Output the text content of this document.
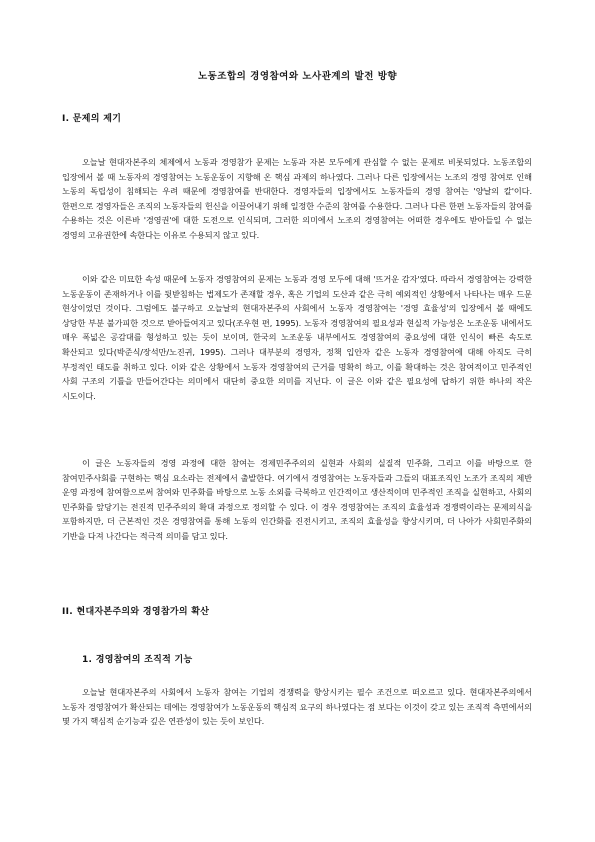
노동조합의 경영참여와 노사관계의 발전 방향
I. 문제의 제기

오늘날 현대자본주의 체제에서 노동과 경영참가 문제는 노동과 자본 모두에게 관심할 수 없는 문제로 비롯되었다. 노동조합의 입장에서 볼 때 노동자의 경영참여는 노동운동이 지향해 온 핵심 과제의 하나였다. 그러나 다른 입장에서는 노조의 경영 참여로 인해 노동의 독립성이 침해되는 우려 때문에 경영참여를 반대한다. 경영자들의 입장에서도 노동자들의 경영 참여는 '양날의 칼'이다. 한편으로 경영자들은 조직의 노동자들의 헌신을 이끌어내기 위해 일정한 수준의 참여를 수용한다. 그러나 다른 한편 노동자들의 참여를 수용하는 것은 이른바 '경영권'에 대한 도전으로 인식되며, 그러한 의미에서 노조의 경영참여는 어떠한 경우에도 받아들일 수 없는 경영의 고유권한에 속한다는 이유로 수용되지 않고 있다.

이와 같은 미묘한 속성 때문에 노동자 경영참여의 문제는 노동과 경영 모두에 대해 '뜨거운 감자'였다. 따라서 경영참여는 강력한 노동운동이 존재하거나 이를 뒷받침하는 법제도가 존재할 경우, 혹은 기업의 도산과 같은 극히 예외적인 상황에서 나타나는 매우 드문 현상이었던 것이다. 그럼에도 불구하고 오늘날의 현대자본주의 사회에서 노동자 경영참여는 '경영 효율성'의 입장에서 볼 때에도 상당한 부분 불가피한 것으로 받아들여지고 있다(조우현 편, 1995). 노동자 경영참여의 필요성과 현실적 가능성은 노조운동 내에서도 매우 폭넓은 공감대를 형성하고 있는 듯이 보이며, 한국의 노조운동 내부에서도 경영참여의 중요성에 대한 인식이 빠른 속도로 확산되고 있다(박준식/장석만/노진귀, 1995). 그러나 대부분의 경영자, 정책 입안자 같은 노동자 경영참여에 대해 아직도 극히 부정적인 태도를 취하고 있다. 이와 같은 상황에서 노동자 경영참여의 근거를 명확히 하고, 이를 확대하는 것은 참여적이고 민주적인 사회 구조의 기틀을 만들어간다는 의미에서 대단히 중요한 의미를 지닌다. 이 글은 이와 같은 필요성에 답하기 위한 하나의 작은 시도이다.

이 글은 노동자들의 경영 과정에 대한 참여는 경제민주주의의 실현과 사회의 실질적 민주화, 그리고 이를 바탕으로 한 참여민주사회를 구현하는 핵심 요소라는 전제에서 출발한다. 여기에서 경영참여는 노동자들과 그들의 대표조직인 노조가 조직의 제반 운영 과정에 참여함으로써 참여와 민주화를 바탕으로 노동 소외를 극복하고 인간적이고 생산적이며 민주적인 조직을 실현하고, 사회의 민주화를 앞당기는 전진적 민주주의의 확대 과정으로 정의할 수 있다. 이 경우 경영참여는 조직의 효율성과 경쟁력이라는 문제의식을 포함하지만, 더 근본적인 것은 경영참여를 통해 노동의 인간화를 진전시키고, 조직의 효율성을 향상시키며, 더 나아가 사회민주화의 기반을 다져 나간다는 적극적 의미를 담고 있다.

II. 현대자본주의와 경영참가의 확산
1. 경영참여의 조직적 기능

오늘날 현대자본주의 사회에서 노동자 참여는 기업의 경쟁력을 향상시키는 필수 조건으로 떠오르고 있다. 현대자본주의에서 노동자 경영참여가 확산되는 데에는 경영참여가 노동운동의 핵심적 요구의 하나였다는 점 보다는 이것이 갖고 있는 조직적 측면에서의 몇 가지 핵심적 순기능과 깊은 연관성이 있는 듯이 보인다.
